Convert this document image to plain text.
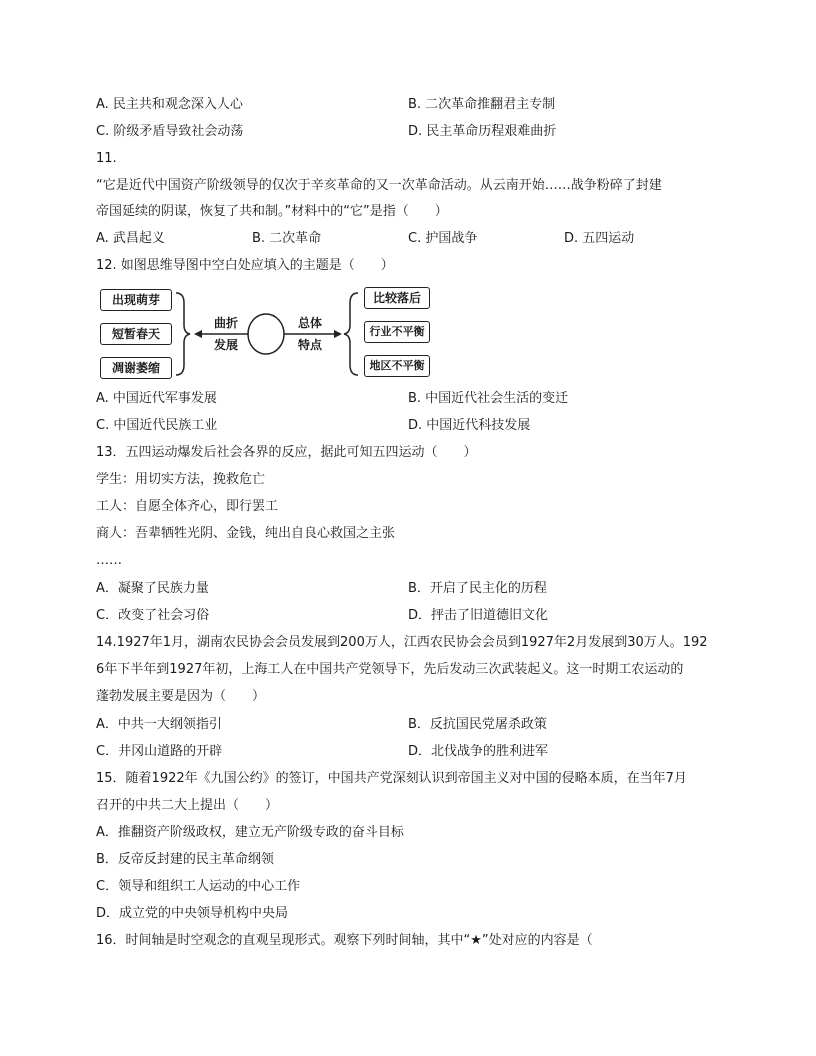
A. 民主共和观念深入人心	B. 二次革命推翻君主专制
C. 阶级矛盾导致社会动荡	D. 民主革命历程艰难曲折
11.
“它是近代中国资产阶级领导的仅次于辛亥革命的又一次革命活动。从云南开始……战争粉碎了封建
帝国延续的阴谋，恢复了共和制。”材料中的“它”是指（　　）
A. 武昌起义	B. 二次革命	C. 护国战争	D. 五四运动
12. 如图思维导图中空白处应填入的主题是（　　）
出现萌芽
短暂春天
凋谢萎缩
曲折
发展
总体
特点
比较落后
行业不平衡
地区不平衡
A. 中国近代军事发展	B. 中国近代社会生活的变迁
C. 中国近代民族工业	D. 中国近代科技发展
13．五四运动爆发后社会各界的反应，据此可知五四运动（　　）
学生：用切实方法，挽救危亡
工人：自愿全体齐心，即行罢工
商人：吾辈牺牲光阴、金钱，纯出自良心救国之主张
……
A．凝聚了民族力量	B．开启了民主化的历程
C．改变了社会习俗	D．抨击了旧道德旧文化
14.1927年1月，湖南农民协会会员发展到200万人，江西农民协会会员到1927年2月发展到30万人。192
6年下半年到1927年初，上海工人在中国共产党领导下，先后发动三次武装起义。这一时期工农运动的
蓬勃发展主要是因为（　　）
A．中共一大纲领指引	B．反抗国民党屠杀政策
C．井冈山道路的开辟	D．北伐战争的胜利进军
15．随着1922年《九国公约》的签订，中国共产党深刻认识到帝国主义对中国的侵略本质，在当年7月
召开的中共二大上提出（　　）
A．推翻资产阶级政权，建立无产阶级专政的奋斗目标
B．反帝反封建的民主革命纲领
C．领导和组织工人运动的中心工作
D．成立党的中央领导机构中央局
16．时间轴是时空观念的直观呈现形式。观察下列时间轴，其中“★”处对应的内容是（
